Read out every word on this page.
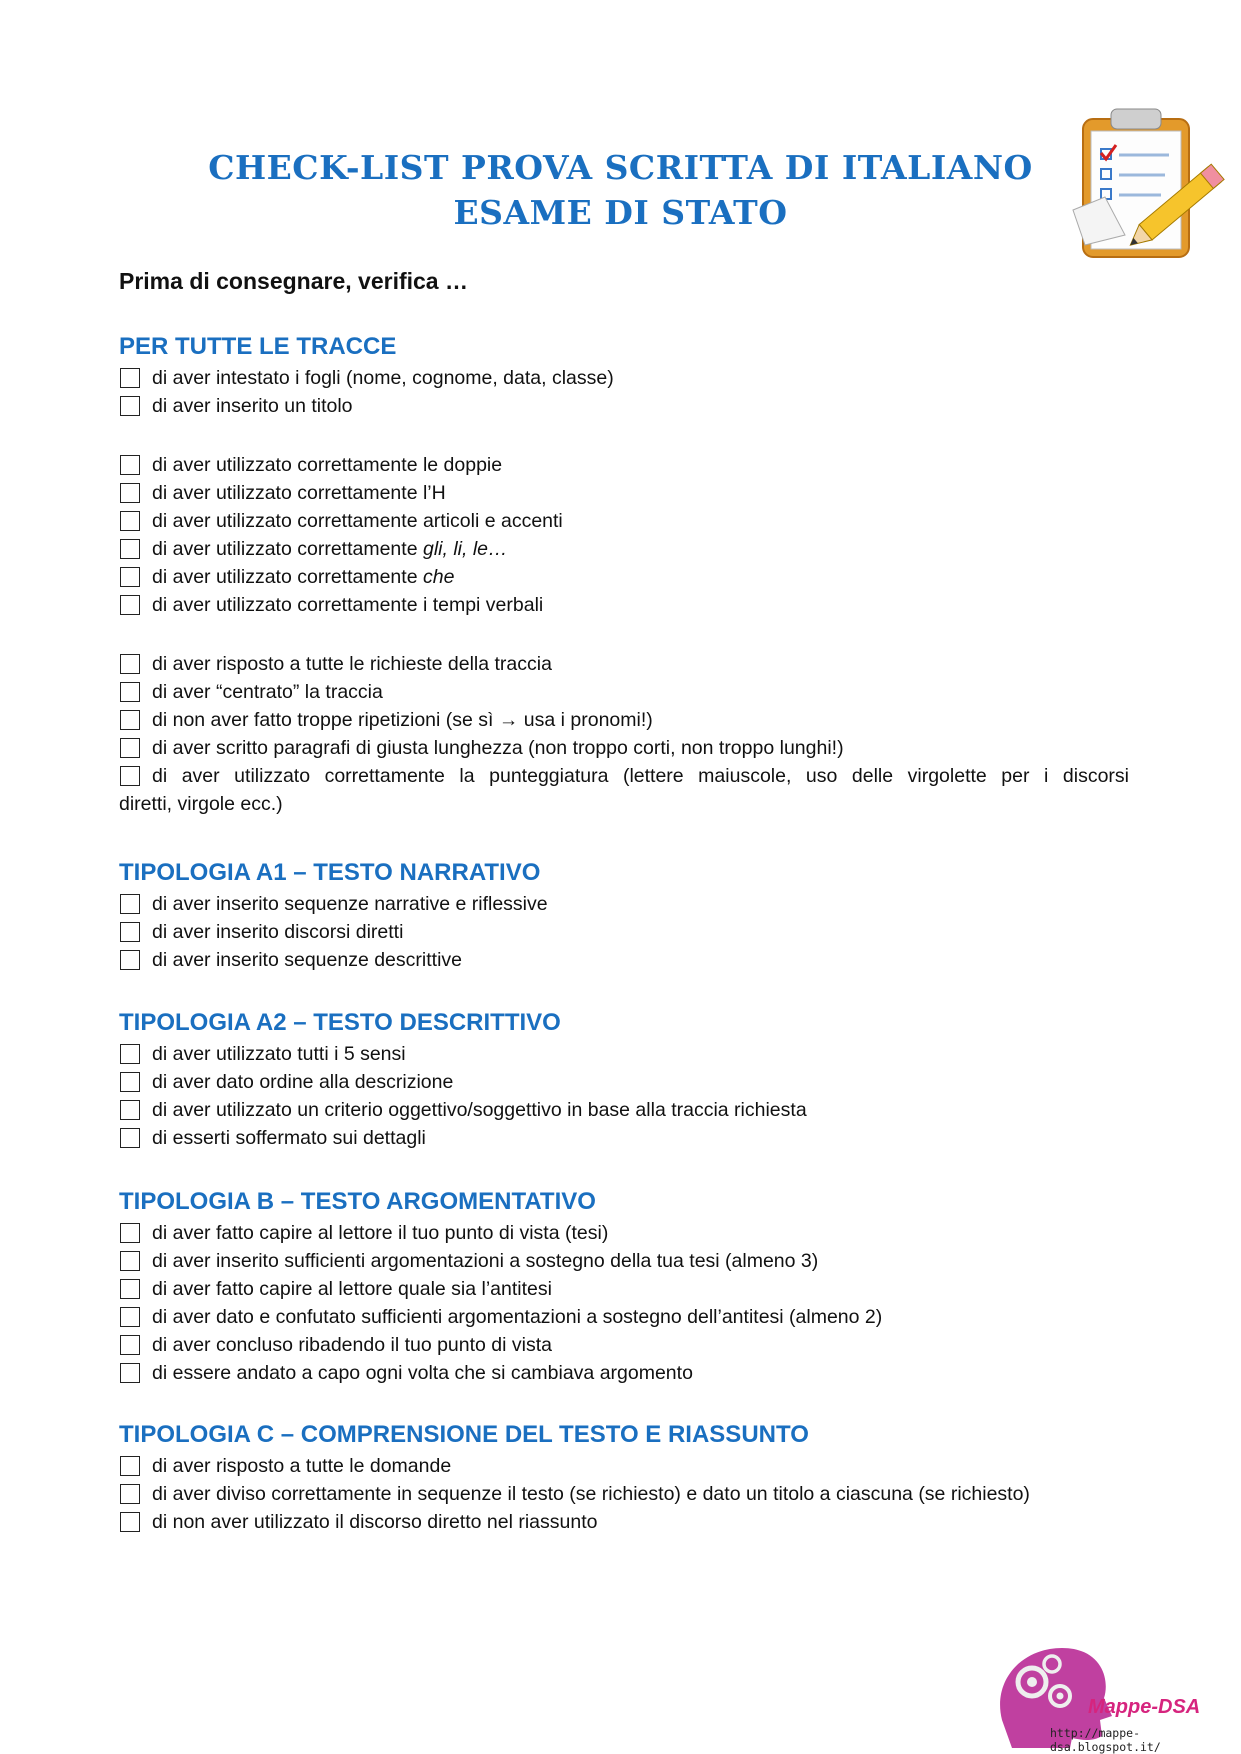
CHECK-LIST PROVA SCRITTA DI ITALIANO
ESAME DI STATO
Prima di consegnare, verifica …
PER TUTTE LE TRACCE
di aver intestato i fogli (nome, cognome, data, classe)
di aver inserito un titolo
di aver utilizzato correttamente le doppie
di aver utilizzato correttamente l’H
di aver utilizzato correttamente articoli e accenti
di aver utilizzato correttamente gli, li, le…
di aver utilizzato correttamente che
di aver utilizzato correttamente i tempi verbali
di aver risposto a tutte le richieste della traccia
di aver “centrato” la traccia
di non aver fatto troppe ripetizioni (se sì → usa i pronomi!)
di aver scritto paragrafi di giusta lunghezza (non troppo corti, non troppo lunghi!)
di aver utilizzato correttamente la punteggiatura (lettere maiuscole, uso delle virgolette per i discorsi
diretti, virgole ecc.)
TIPOLOGIA A1 – TESTO NARRATIVO
di aver inserito sequenze narrative e riflessive
di aver inserito discorsi diretti
di aver inserito sequenze descrittive
TIPOLOGIA A2 – TESTO DESCRITTIVO
di aver utilizzato tutti i 5 sensi
di aver dato ordine alla descrizione
di aver utilizzato un criterio oggettivo/soggettivo in base alla traccia richiesta
di esserti soffermato sui dettagli
TIPOLOGIA B – TESTO ARGOMENTATIVO
di aver fatto capire al lettore il tuo punto di vista (tesi)
di aver inserito sufficienti argomentazioni a sostegno della tua tesi (almeno 3)
di aver fatto capire al lettore quale sia l’antitesi
di aver dato e confutato sufficienti argomentazioni a sostegno dell’antitesi (almeno 2)
di aver concluso ribadendo il tuo punto di vista
di essere andato a capo ogni volta che si cambiava argomento
TIPOLOGIA C – COMPRENSIONE DEL TESTO E RIASSUNTO
di aver risposto a tutte le domande
di aver diviso correttamente in sequenze il testo (se richiesto) e dato un titolo a ciascuna (se richiesto)
di non aver utilizzato il discorso diretto nel riassunto
Mappe-DSA
http://mappe-dsa.blogspot.it/
